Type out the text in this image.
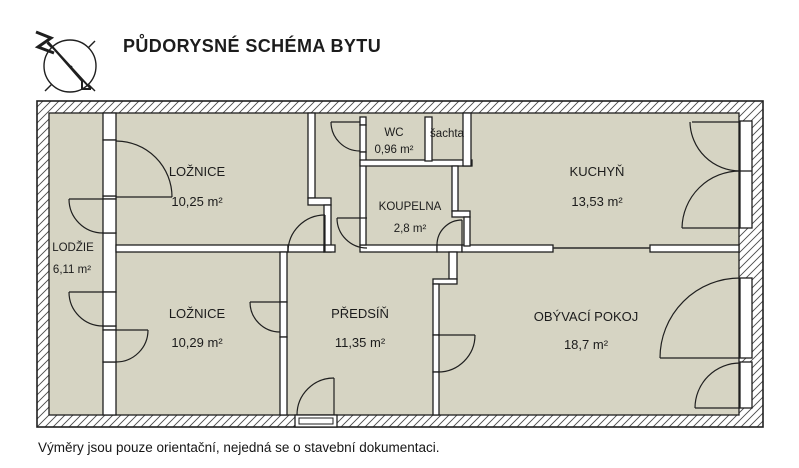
PŮDORYSNÉ SCHÉMA BYTU
LOŽNICE
10,25 m²
WC
0,96 m²
šachta
KUCHYŇ
13,53 m²
LODŽIE
6,11 m²
KOUPELNA
2,8 m²
LOŽNICE
10,29 m²
PŘEDSÍŇ
11,35 m²
OBÝVACÍ POKOJ
18,7 m²

Výměry jsou pouze orientační, nejedná se o stavební dokumentaci.
